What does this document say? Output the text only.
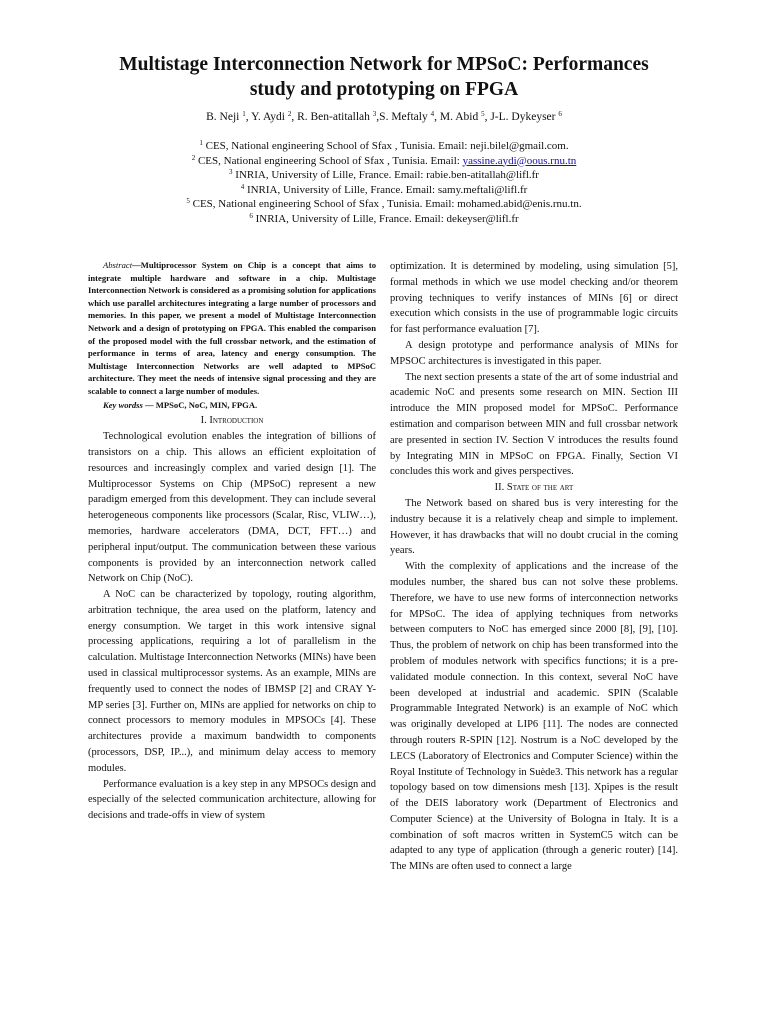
Multistage Interconnection Network for MPSoC: Performances
study and prototyping on FPGA
B. Neji $^1$, Y. Aydi $^2$, R. Ben-atitallah $^3$,S. Meftaly $^4$, M. Abid $^5$, J-L. Dykeyser $^6$
$^1$ CES, National engineering School of Sfax , Tunisia. Email: neji.bilel@gmail.com.
$^2$ CES, National engineering School of Sfax , Tunisia. Email: yassine.aydi@oous.rnu.tn
$^3$ INRIA, University of Lille, France. Email: rabie.ben-atitallah@lifl.fr
$^4$ INRIA, University of Lille, France. Email: samy.meftali@lifl.fr
$^5$ CES, National engineering School of Sfax , Tunisia. Email: mohamed.abid@enis.rnu.tn.
$^6$ INRIA, University of Lille, France. Email: dekeyser@lifl.fr

Abstract—Multiprocessor System on Chip is a concept that aims to integrate multiple hardware and software in a chip. Multistage Interconnection Network is considered as a promising solution for applications which use parallel architectures integrating a large number of processors and memories. In this paper, we present a model of Multistage Interconnection Network and a design of prototyping on FPGA. This enabled the comparison of the proposed model with the full crossbar network, and the estimation of performance in terms of area, latency and energy consumption. The Multistage Interconnection Networks are well adapted to MPSoC architecture. They meet the needs of intensive signal processing and they are scalable to connect a large number of modules.

Key wordss — MPSoC, NoC, MIN, FPGA.

I. Introduction

Technological evolution enables the integration of billions of transistors on a chip. This allows an efficient exploitation of resources and increasingly complex and varied design [1]. The Multiprocessor Systems on Chip (MPSoC) represent a new paradigm emerged from this development. They can include several heterogeneous components like processors (Scalar, Risc, VLIW…), memories, hardware accelerators (DMA, DCT, FFT…) and peripheral input/output. The communication between these various components is provided by an interconnection network called Network on Chip (NoC).

A NoC can be characterized by topology, routing algorithm, arbitration technique, the area used on the platform, latency and energy consumption. We target in this work intensive signal processing applications, requiring a lot of parallelism in the calculation. Multistage Interconnection Networks (MINs) have been used in classical multiprocessor systems. As an example, MINs are frequently used to connect the nodes of IBMSP [2] and CRAY Y-MP series [3]. Further on, MINs are applied for networks on chip to connect processors to memory modules in MPSOCs [4]. These architectures provide a maximum bandwidth to components (processors, DSP, IP...), and minimum delay access to memory modules.

Performance evaluation is a key step in any MPSOCs design and especially of the selected communication architecture, allowing for decisions and trade-offs in view of system

optimization. It is determined by modeling, using simulation [5], formal methods in which we use model checking and/or theorem proving techniques to verify instances of MINs [6] or direct execution which consists in the use of programmable logic circuits for fast performance evaluation [7].

A design prototype and performance analysis of MINs for MPSOC architectures is investigated in this paper.

The next section presents a state of the art of some industrial and academic NoC and presents some research on MIN. Section III introduce the MIN proposed model for MPSoC. Performance estimation and comparison between MIN and full crossbar network are presented in section IV. Section V introduces the results found by Integrating MIN in MPSoC on FPGA. Finally, Section VI concludes this work and gives perspectives.

II. State of the art

The Network based on shared bus is very interesting for the industry because it is a relatively cheap and simple to implement. However, it has drawbacks that will no doubt crucial in the coming years.

With the complexity of applications and the increase of the modules number, the shared bus can not solve these problems. Therefore, we have to use new forms of interconnection networks for MPSoC. The idea of applying techniques from networks between computers to NoC has emerged since 2000 [8], [9], [10]. Thus, the problem of network on chip has been transformed into the problem of modules network with specifics functions; it is a pre-validated module connection. In this context, several NoC have been developed at industrial and academic. SPIN (Scalable Programmable Integrated Network) is an example of NoC which was originally developed at LIP6 [11]. The nodes are connected through routers R-SPIN [12]. Nostrum is a NoC developed by the LECS (Laboratory of Electronics and Computer Science) within the Royal Institute of Technology in Suède3. This network has a regular topology based on tow dimensions mesh [13]. Xpipes is the result of the DEIS laboratory work (Department of Electronics and Computer Science) at the University of Bologna in Italy. It is a combination of soft macros written in SystemC5 witch can be adapted to any type of application (through a generic router) [14]. The MINs are often used to connect a large
